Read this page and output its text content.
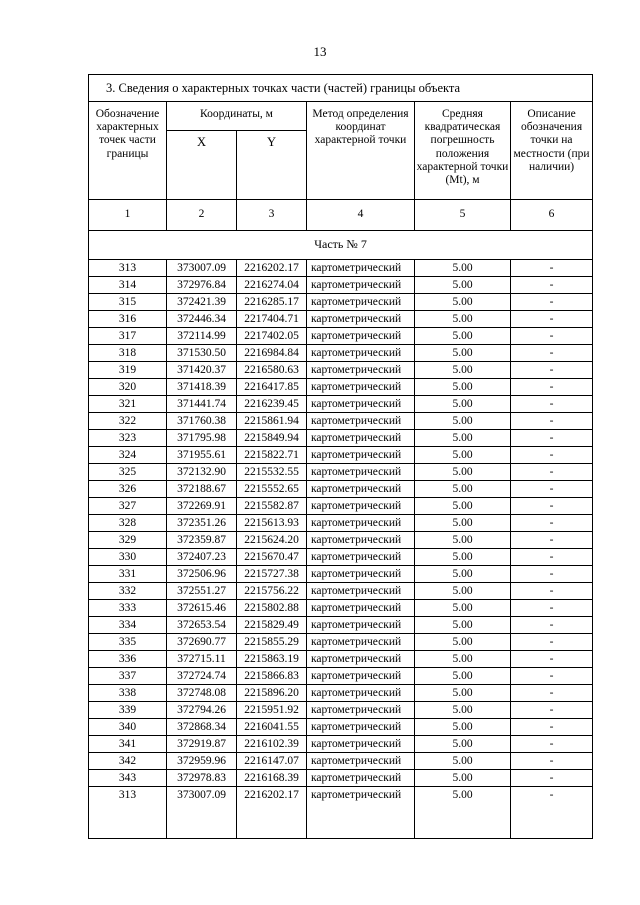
13
3. Сведения о характерных точках части (частей) границы объекта					
Обозначение характерных точек части границы	Координаты, м		Метод определения координат характерной точки	Средняя квадратическая погрешность положения характерной точки (Mt), м	Описание обозначения точки на местности (при наличии)
	X	Y			
1	2	3	4	5	6
Часть № 7					
313	373007.09	2216202.17	картометрический	5.00	-
314	372976.84	2216274.04	картометрический	5.00	-
315	372421.39	2216285.17	картометрический	5.00	-
316	372446.34	2217404.71	картометрический	5.00	-
317	372114.99	2217402.05	картометрический	5.00	-
318	371530.50	2216984.84	картометрический	5.00	-
319	371420.37	2216580.63	картометрический	5.00	-
320	371418.39	2216417.85	картометрический	5.00	-
321	371441.74	2216239.45	картометрический	5.00	-
322	371760.38	2215861.94	картометрический	5.00	-
323	371795.98	2215849.94	картометрический	5.00	-
324	371955.61	2215822.71	картометрический	5.00	-
325	372132.90	2215532.55	картометрический	5.00	-
326	372188.67	2215552.65	картометрический	5.00	-
327	372269.91	2215582.87	картометрический	5.00	-
328	372351.26	2215613.93	картометрический	5.00	-
329	372359.87	2215624.20	картометрический	5.00	-
330	372407.23	2215670.47	картометрический	5.00	-
331	372506.96	2215727.38	картометрический	5.00	-
332	372551.27	2215756.22	картометрический	5.00	-
333	372615.46	2215802.88	картометрический	5.00	-
334	372653.54	2215829.49	картометрический	5.00	-
335	372690.77	2215855.29	картометрический	5.00	-
336	372715.11	2215863.19	картометрический	5.00	-
337	372724.74	2215866.83	картометрический	5.00	-
338	372748.08	2215896.20	картометрический	5.00	-
339	372794.26	2215951.92	картометрический	5.00	-
340	372868.34	2216041.55	картометрический	5.00	-
341	372919.87	2216102.39	картометрический	5.00	-
342	372959.96	2216147.07	картометрический	5.00	-
343	372978.83	2216168.39	картометрический	5.00	-
313	373007.09	2216202.17	картометрический	5.00	-
